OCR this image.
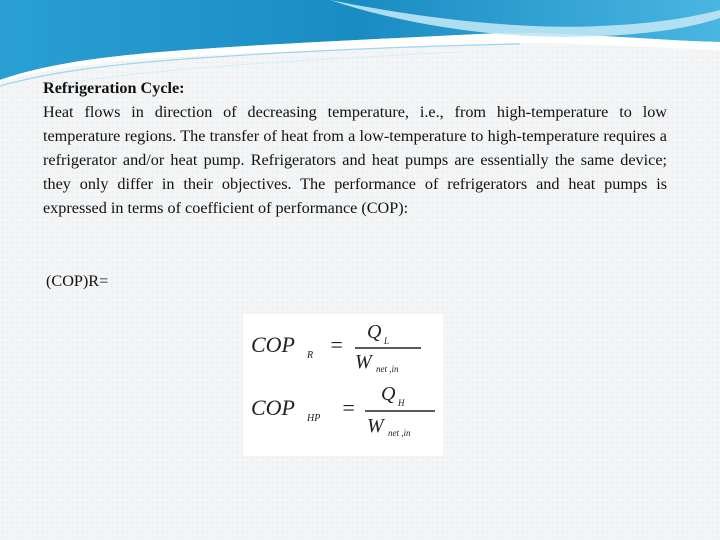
Refrigeration Cycle:
Heat flows in direction of decreasing temperature, i.e., from high-temperature to low temperature regions. The transfer of heat from a low-temperature to high-temperature requires a refrigerator and/or heat pump. Refrigerators and heat pumps are essentially the same device; they only differ in their objectives. The performance of refrigerators and heat pumps is expressed in terms of coefficient of performance (COP):
(COP)R=
COP R = Q L
W net ,in
COP HP =
Q H
W net ,in
